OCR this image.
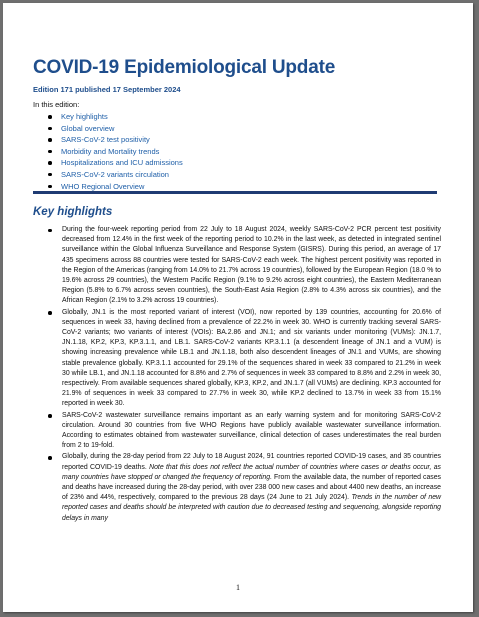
COVID-19 Epidemiological Update
Edition 171 published 17 September 2024
In this edition:
Key highlights
Global overview
SARS-CoV-2 test positivity
Morbidity and Mortality trends
Hospitalizations and ICU admissions
SARS-CoV-2 variants circulation
WHO Regional Overview
Key highlights
During the four-week reporting period from 22 July to 18 August 2024, weekly SARS-CoV-2 PCR percent test positivity decreased from 12.4% in the first week of the reporting period to 10.2% in the last week, as detected in integrated sentinel surveillance within the Global Influenza Surveillance and Response System (GISRS). During this period, an average of 17 435 specimens across 88 countries were tested for SARS-CoV-2 each week. The highest percent positivity was reported in the Region of the Americas (ranging from 14.0% to 21.7% across 19 countries), followed by the European Region (18.0 % to 19.6% across 29 countries), the Western Pacific Region (9.1% to 9.2% across eight countries), the Eastern Mediterranean Region (5.8% to 6.7% across seven countries), the South-East Asia Region (2.8% to 4.3% across six countries), and the African Region (2.1% to 3.2% across 19 countries).
Globally, JN.1 is the most reported variant of interest (VOI), now reported by 139 countries, accounting for 20.6% of sequences in week 33, having declined from a prevalence of 22.2% in week 30. WHO is currently tracking several SARS-CoV-2 variants; two variants of interest (VOIs): BA.2.86 and JN.1; and six variants under monitoring (VUMs): JN.1.7, JN.1.18, KP.2, KP.3, KP.3.1.1, and LB.1. SARS-CoV-2 variants KP.3.1.1 (a descendent lineage of JN.1 and a VUM) is showing increasing prevalence while LB.1 and JN.1.18, both also descendent lineages of JN.1 and VUMs, are showing stable prevalence globally. KP.3.1.1 accounted for 29.1% of the sequences shared in week 33 compared to 21.2% in week 30 while LB.1, and JN.1.18 accounted for 8.8% and 2.7% of sequences in week 33 compared to 8.8% and 2.2% in week 30, respectively. From available sequences shared globally, KP.3, KP.2, and JN.1.7 (all VUMs) are declining. KP.3 accounted for 21.9% of sequences in week 33 compared to 27.7% in week 30, while KP.2 declined to 13.7% in week 33 from 15.1% reported in week 30.
SARS-CoV-2 wastewater surveillance remains important as an early warning system and for monitoring SARS-CoV-2 circulation. Around 30 countries from five WHO Regions have publicly available wastewater surveillance information. According to estimates obtained from wastewater surveillance, clinical detection of cases underestimates the real burden from 2 to 19-fold.
Globally, during the 28-day period from 22 July to 18 August 2024, 91 countries reported COVID-19 cases, and 35 countries reported COVID-19 deaths. Note that this does not reflect the actual number of countries where cases or deaths occur, as many countries have stopped or changed the frequency of reporting. From the available data, the number of reported cases and deaths have increased during the 28-day period, with over 238 000 new cases and about 4400 new deaths, an increase of 23% and 44%, respectively, compared to the previous 28 days (24 June to 21 July 2024). Trends in the number of new reported cases and deaths should be interpreted with caution due to decreased testing and sequencing, alongside reporting delays in many
1
